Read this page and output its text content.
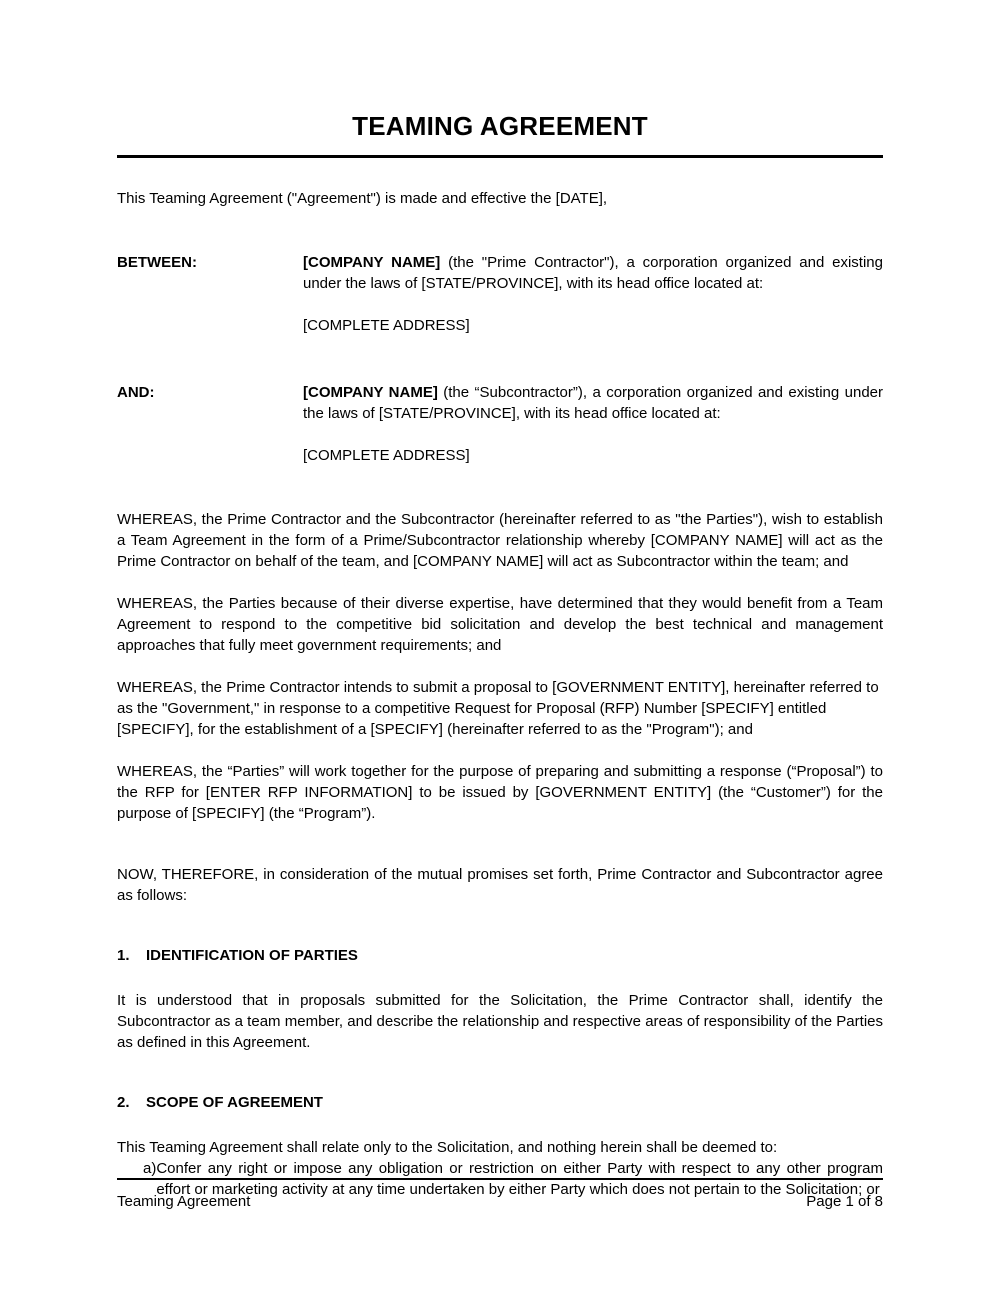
TEAMING AGREEMENT

This Teaming Agreement ("Agreement") is made and effective the [DATE],

BETWEEN:	[COMPANY NAME] (the "Prime Contractor"), a corporation organized and existing under the laws of [STATE/PROVINCE], with its head office located at:
[COMPLETE ADDRESS]
AND:	[COMPANY NAME] (the “Subcontractor”), a corporation organized and existing under the laws of [STATE/PROVINCE], with its head office located at:
[COMPLETE ADDRESS]

WHEREAS, the Prime Contractor and the Subcontractor (hereinafter referred to as "the Parties"), wish to establish a Team Agreement in the form of a Prime/Subcontractor relationship whereby [COMPANY NAME] will act as the Prime Contractor on behalf of the team, and [COMPANY NAME] will act as Subcontractor within the team; and

WHEREAS, the Parties because of their diverse expertise, have determined that they would benefit from a Team Agreement to respond to the competitive bid solicitation and develop the best technical and management approaches that fully meet government requirements; and

WHEREAS, the Prime Contractor intends to submit a proposal to [GOVERNMENT ENTITY], hereinafter referred to as the "Government," in response to a competitive Request for Proposal (RFP) Number [SPECIFY] entitled [SPECIFY], for the establishment of a [SPECIFY] (hereinafter referred to as the "Program"); and

WHEREAS, the “Parties” will work together for the purpose of preparing and submitting a response (“Proposal”) to the RFP for [ENTER RFP INFORMATION] to be issued by [GOVERNMENT ENTITY] (the “Customer”) for the purpose of [SPECIFY] (the “Program”).

NOW, THEREFORE, in consideration of the mutual promises set forth, Prime Contractor and Subcontractor agree as follows:

1.	IDENTIFICATION OF PARTIES

It is understood that in proposals submitted for the Solicitation, the Prime Contractor shall, identify the Subcontractor as a team member, and describe the relationship and respective areas of responsibility of the Parties as defined in this Agreement.

2.	SCOPE OF AGREEMENT

This Teaming Agreement shall relate only to the Solicitation, and nothing herein shall be deemed to:

a) Confer any right or impose any obligation or restriction on either Party with respect to any other program effort or marketing activity at any time undertaken by either Party which does not pertain to the Solicitation; or
Teaming Agreement	Page 1 of 8
